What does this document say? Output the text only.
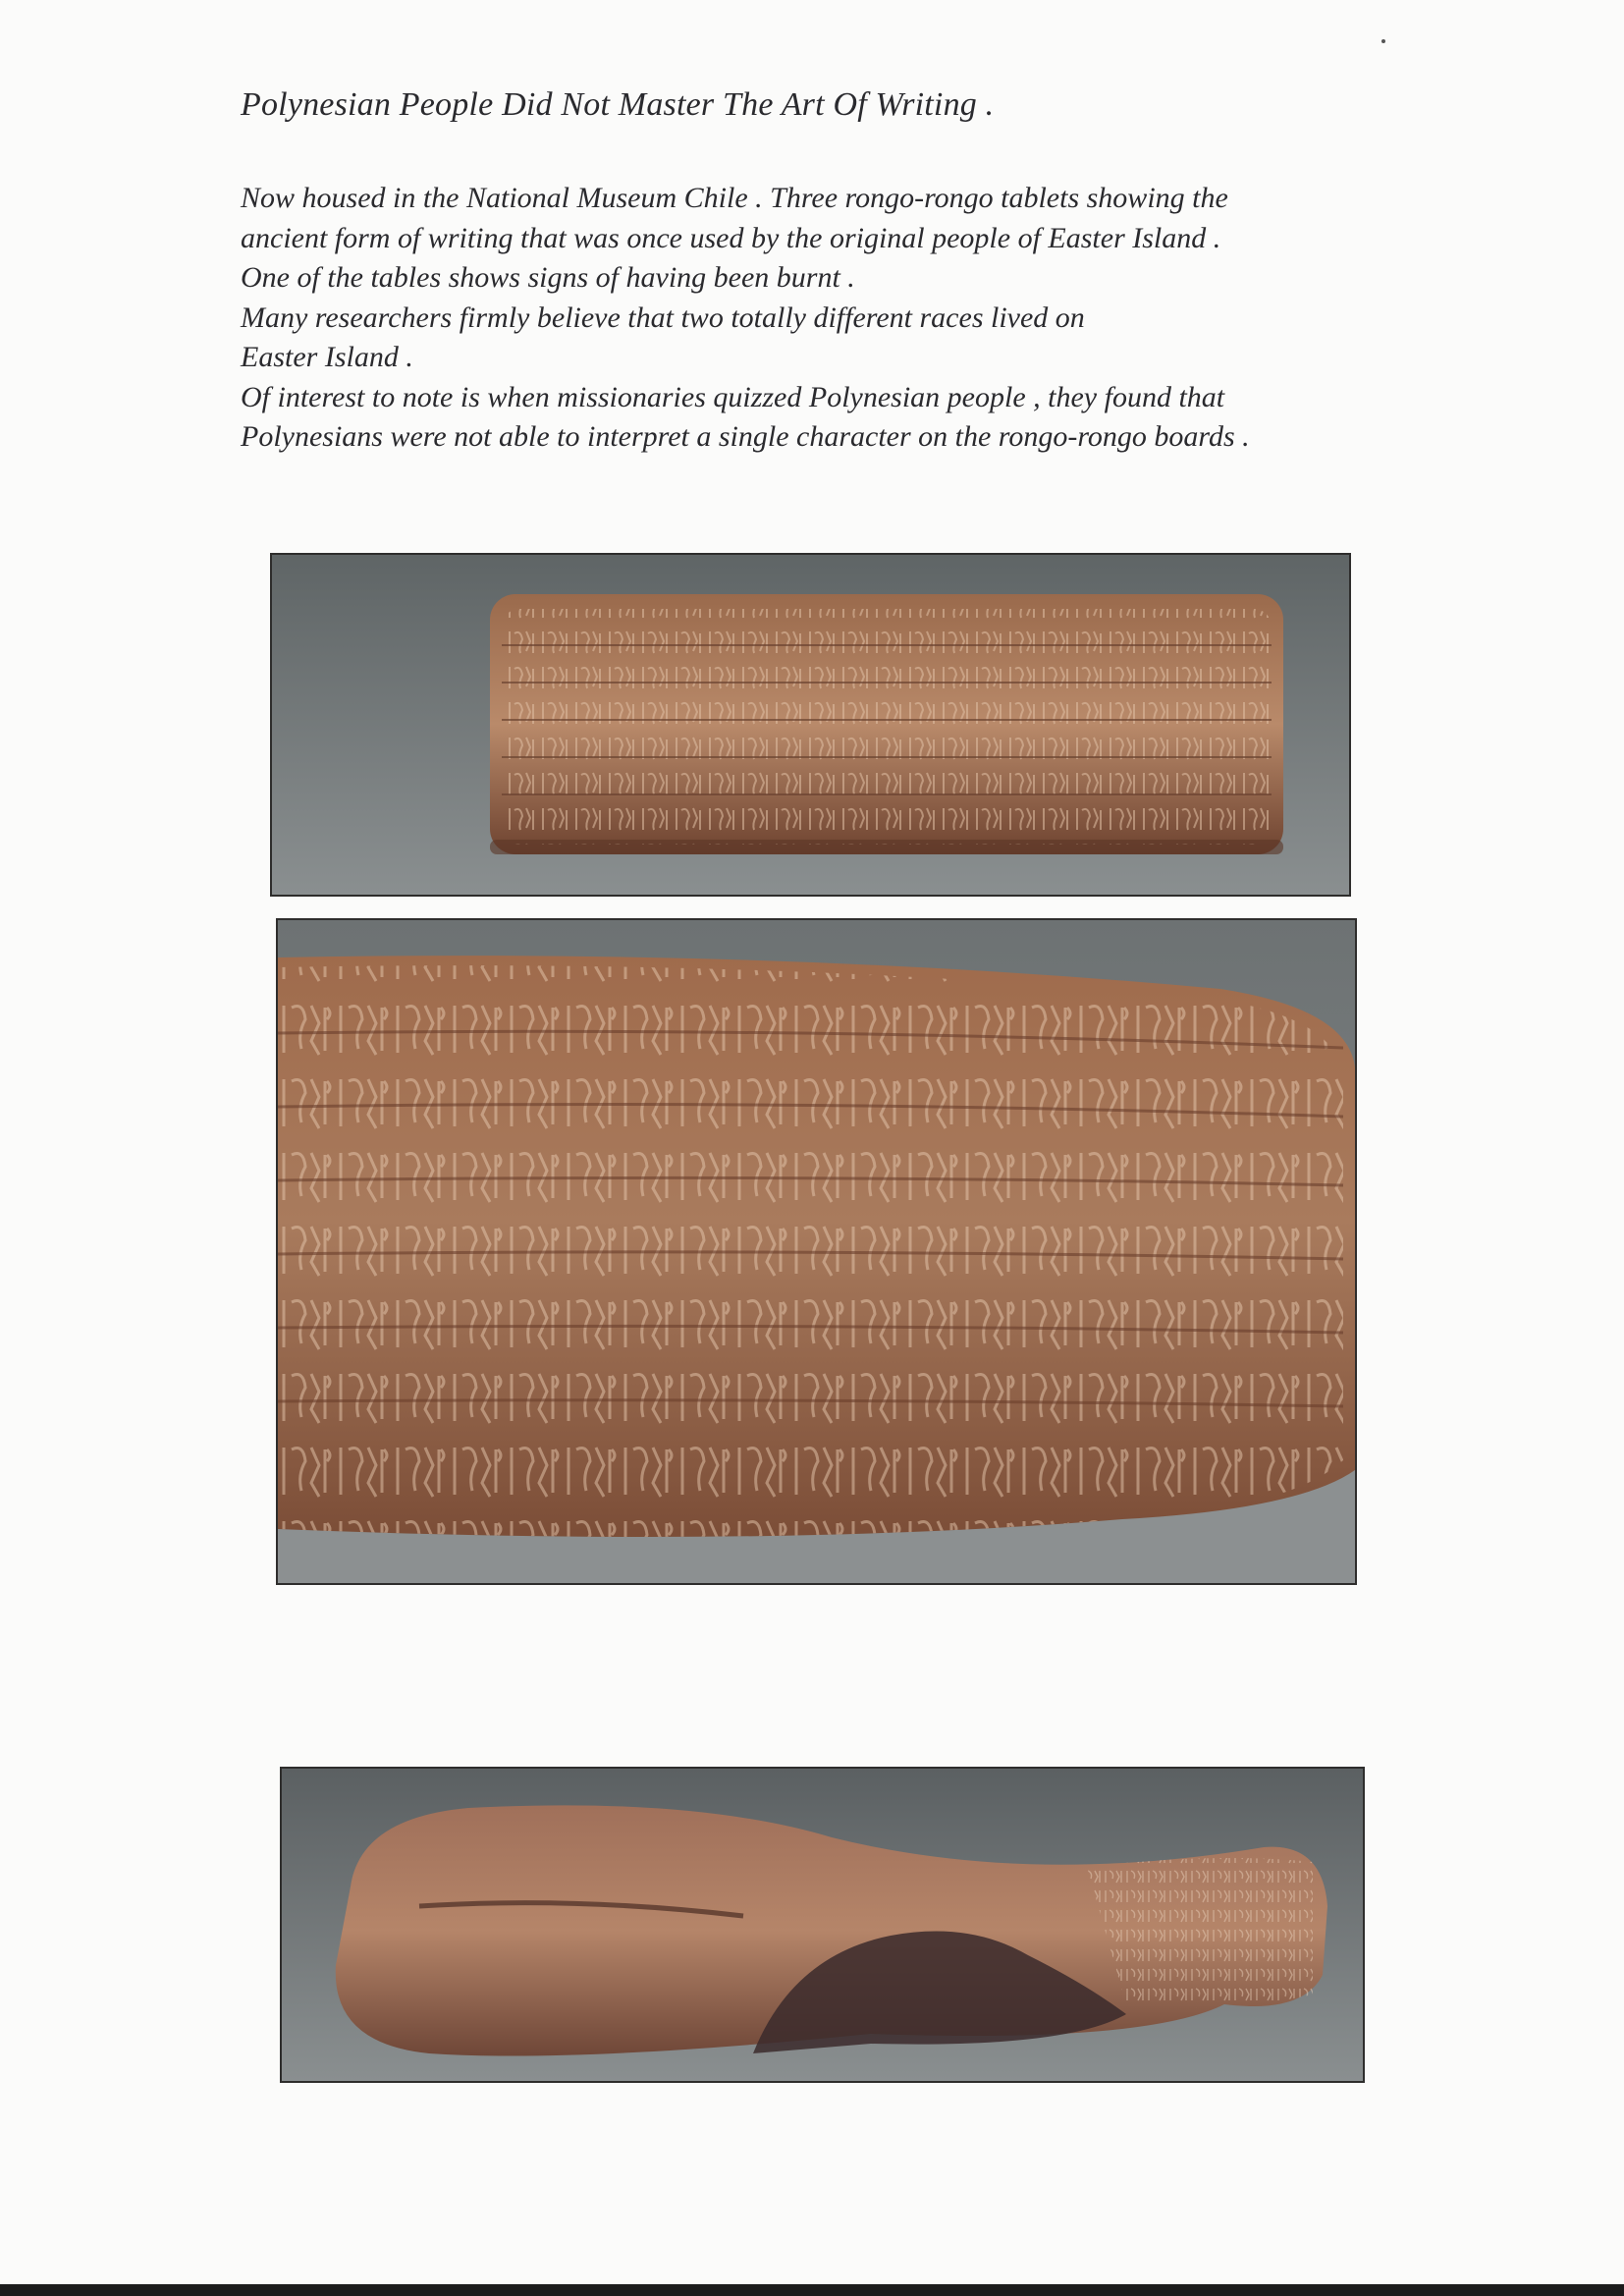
Polynesian People Did Not Master The Art Of Writing .
Now housed in the National Museum Chile . Three rongo-rongo tablets showing the
ancient form of writing that was once used by the original people of Easter Island .
One of the tables shows signs of having been burnt .
Many researchers firmly believe that two totally different races lived on
Easter Island .
Of interest to note is when missionaries quizzed Polynesian people , they found that
Polynesians were not able to interpret a single character on the rongo-rongo boards .
